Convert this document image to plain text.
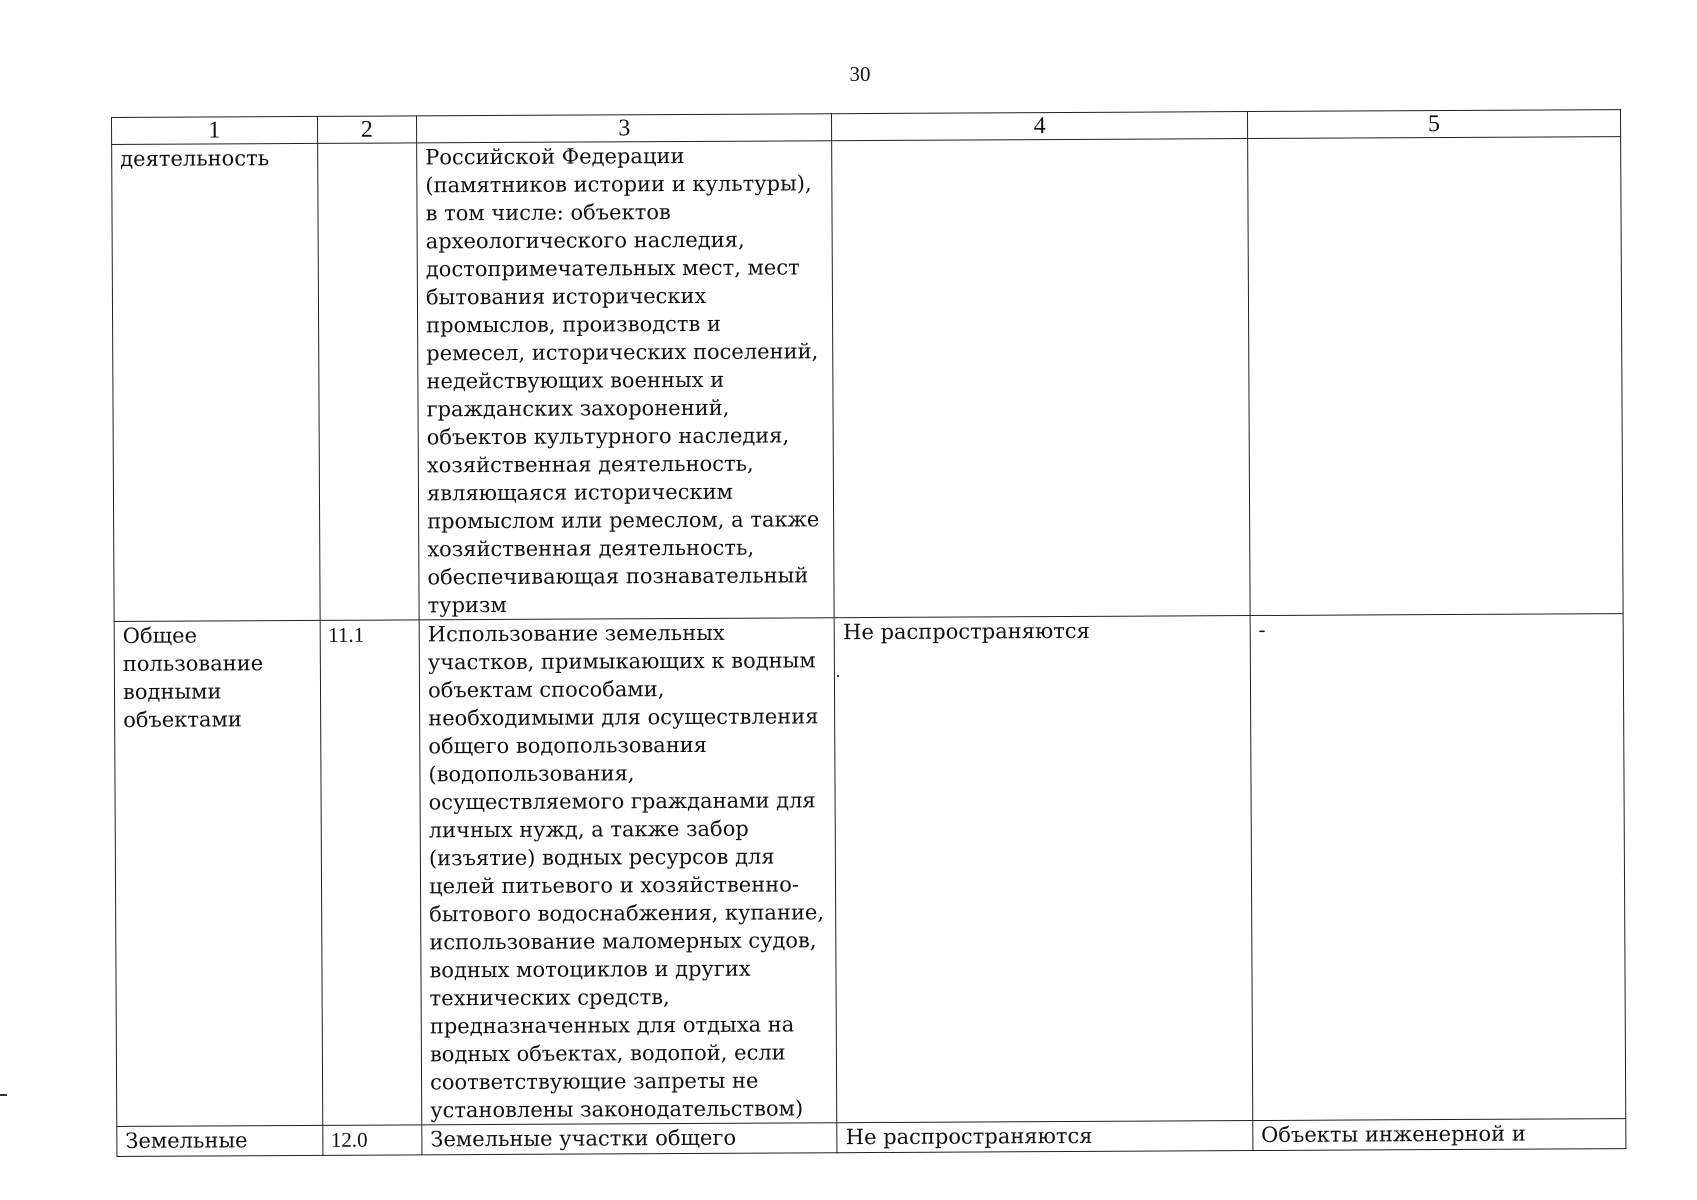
30
1	2	3	4	5
деятельность		Российской Федерации (памятников истории и культуры), в том числе: объектов археологического наследия, достопримечательных мест, мест бытования исторических промыслов, производств и ремесел, исторических поселений, недействующих военных и гражданских захоронений, объектов культурного наследия, хозяйственная деятельность, являющаяся историческим промыслом или ремеслом, а также хозяйственная деятельность, обеспечивающая познавательный туризм		
Общее пользование водными объектами	11.1	Использование земельных участков, примыкающих к водным объектам способами, необходимыми для осуществления общего водопользования (водопользования, осуществляемого гражданами для личных нужд, а также забор (изъятие) водных ресурсов для целей питьевого и хозяйственно-бытового водоснабжения, купание, использование маломерных судов, водных мотоциклов и других технических средств, предназначенных для отдыха на водных объектах, водопой, если соответствующие запреты не установлены законодательством)	Не распространяются	-
Земельные	12.0	Земельные участки общего	Не распространяются	Объекты инженерной и
